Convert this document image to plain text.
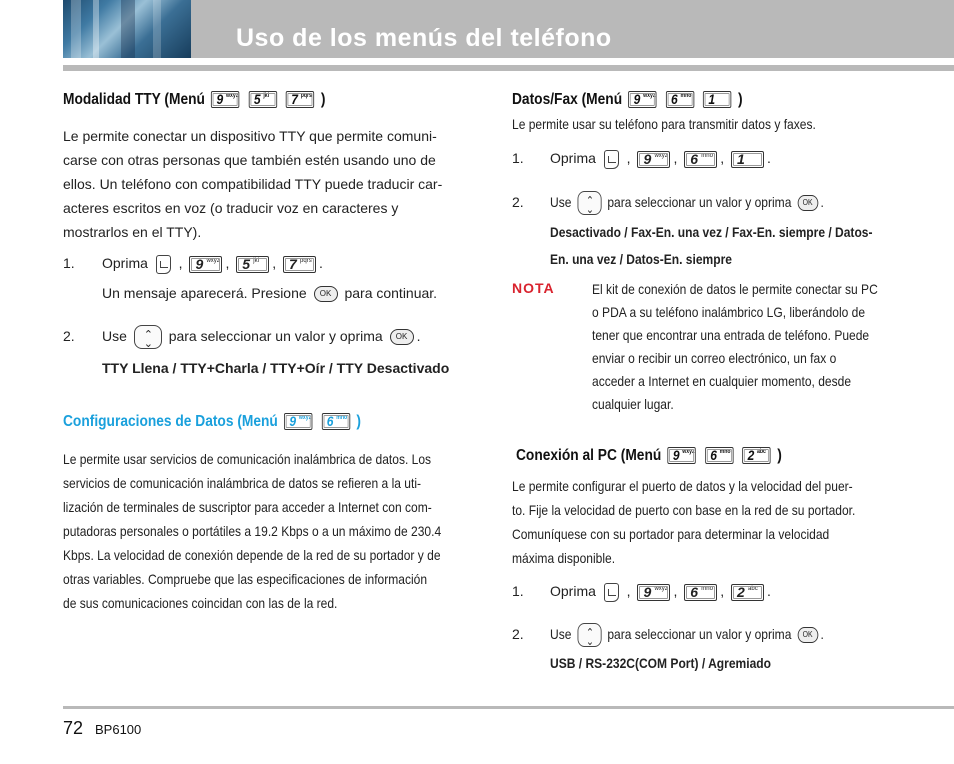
Uso de los menús del teléfono
Modalidad TTY (Menú 9 wxyz
5 jkl
7 pqrs )
Le permite conectar un dispositivo TTY que permite comuni-
carse con otras personas que también estén usando uno de
ellos. Un teléfono con compatibilidad TTY puede traducir car-
acteres escritos en voz (o traducir voz en caracteres y
mostrarlos en el TTY).
1. Oprima  , 9 wxyz , 5 jkl , 7 pqrs .
Un mensaje aparecerá. Presione OK para continuar.
2. Use ⌃ ⌄	para seleccionar un valor y oprima OK .
TTY Llena / TTY+Charla / TTY+Oír / TTY Desactivado
Configuraciones de Datos (Menú 9 wxyz
6 mno )
Le permite usar servicios de comunicación inalámbrica de datos. Los
servicios de comunicación inalámbrica de datos se refieren a la uti-
lización de terminales de suscriptor para acceder a Internet con com-
putadoras personales o portátiles a 19.2 Kbps o a un máximo de 230.4
Kbps. La velocidad de conexión depende de la red de su portador y de
otras variables. Compruebe que las especificaciones de información
de sus comunicaciones coincidan con las de la red.
Datos/Fax (Menú 9 wxyz
6 mno
1 )
Le permite usar su teléfono para transmitir datos y faxes.
1. Oprima  , 9 wxyz , 6 mno , 1 .
2. Use ⌃ ⌄	para seleccionar un valor y oprima OK .
Desactivado / Fax-En. una vez / Fax-En. siempre / Datos-
En. una vez / Datos-En. siempre
NOTA	El kit de conexión de datos le permite conectar su PC
o PDA a su teléfono inalámbrico LG, liberándolo de
tener que encontrar una entrada de teléfono. Puede
enviar o recibir un correo electrónico, un fax o
acceder a Internet en cualquier momento, desde
cualquier lugar.
Conexión al PC (Menú 9 wxyz
6 mno
2 abc )
Le permite configurar el puerto de datos y la velocidad del puer-
to. Fije la velocidad de puerto con base en la red de su portador.
Comuníquese con su portador para determinar la velocidad
máxima disponible.
1. Oprima  , 9 wxyz , 6 mno , 2 abc .
2. Use ⌃ ⌄	para seleccionar un valor y oprima OK .
USB / RS-232C(COM Port) / Agremiado
72 BP6100
